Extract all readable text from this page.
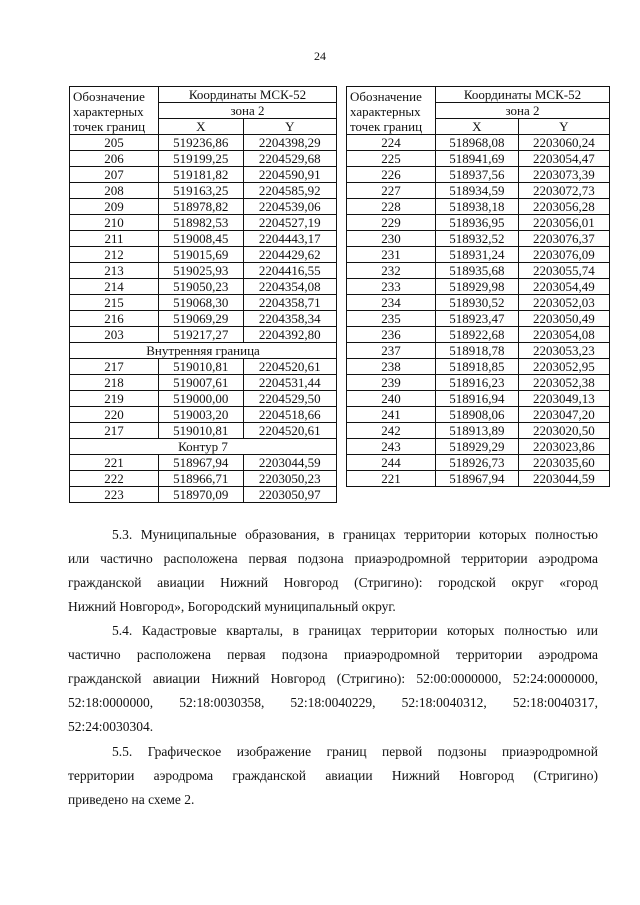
24
Обозначение
характерных
точек границ	Координаты МСК-52	
	зона 2	
	X	Y
205	519236,86	2204398,29
206	519199,25	2204529,68
207	519181,82	2204590,91
208	519163,25	2204585,92
209	518978,82	2204539,06
210	518982,53	2204527,19
211	519008,45	2204443,17
212	519015,69	2204429,62
213	519025,93	2204416,55
214	519050,23	2204354,08
215	519068,30	2204358,71
216	519069,29	2204358,34
203	519217,27	2204392,80
Внутренняя граница		
217	519010,81	2204520,61
218	519007,61	2204531,44
219	519000,00	2204529,50
220	519003,20	2204518,66
217	519010,81	2204520,61
Контур 7		
221	518967,94	2203044,59
222	518966,71	2203050,23
223	518970,09	2203050,97
Обозначение
характерных
точек границ	Координаты МСК-52	
	зона 2	
	X	Y
224	518968,08	2203060,24
225	518941,69	2203054,47
226	518937,56	2203073,39
227	518934,59	2203072,73
228	518938,18	2203056,28
229	518936,95	2203056,01
230	518932,52	2203076,37
231	518931,24	2203076,09
232	518935,68	2203055,74
233	518929,98	2203054,49
234	518930,52	2203052,03
235	518923,47	2203050,49
236	518922,68	2203054,08
237	518918,78	2203053,23
238	518918,85	2203052,95
239	518916,23	2203052,38
240	518916,94	2203049,13
241	518908,06	2203047,20
242	518913,89	2203020,50
243	518929,29	2203023,86
244	518926,73	2203035,60
221	518967,94	2203044,59
5.3. Муниципальные образования, в границах территории которых полностью
или частично расположена первая подзона приаэродромной территории аэродрома
гражданской авиации Нижний Новгород (Стригино): городской округ «город
Нижний Новгород», Богородский муниципальный округ.
5.4. Кадастровые кварталы, в границах территории которых полностью или
частично расположена первая подзона приаэродромной территории аэродрома
гражданской авиации Нижний Новгород (Стригино): 52:00:0000000, 52:24:0000000,
52:18:0000000, 52:18:0030358, 52:18:0040229, 52:18:0040312, 52:18:0040317,
52:24:0030304.
5.5. Графическое изображение границ первой подзоны приаэродромной
территории аэродрома гражданской авиации Нижний Новгород (Стригино)
приведено на схеме 2.
